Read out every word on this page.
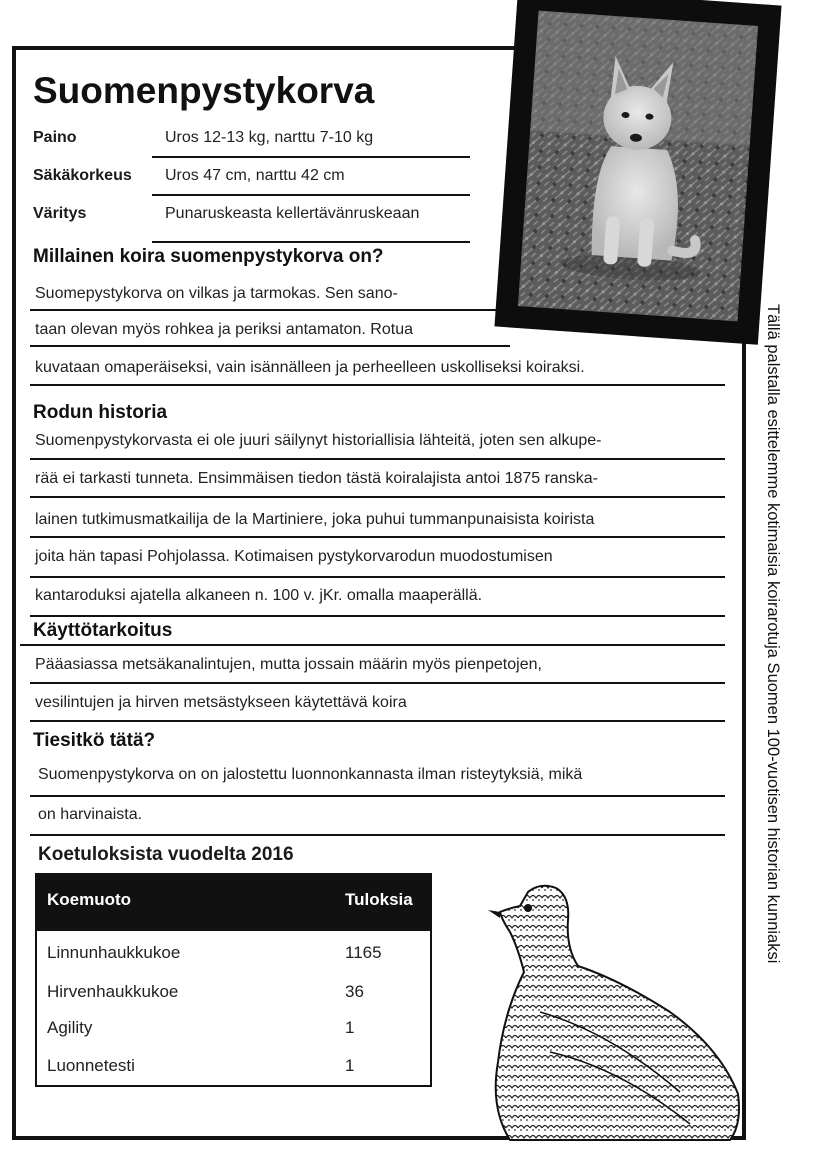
Suomenpystykorva
Paino	Uros 12-13 kg, narttu 7-10 kg
Säkäkorkeus Uros 47 cm, narttu 42 cm
Väritys	Punaruskeasta kellertävänruskeaan
Millainen koira suomenpystykorva on?
Suomepystykorva on vilkas ja tarmokas. Sen sano-
taan olevan myös rohkea ja periksi antamaton. Rotua
kuvataan omaperäiseksi, vain isännälleen ja perheelleen uskolliseksi koiraksi.
Rodun historia
Suomenpystykorvasta ei ole juuri säilynyt historiallisia lähteitä, joten sen alkupe-
rää ei tarkasti tunneta. Ensimmäisen tiedon tästä koiralajista antoi 1875 ranska-
lainen tutkimusmatkailija de la Martiniere, joka puhui tummanpunaisista koirista
joita hän tapasi Pohjolassa. Kotimaisen pystykorvarodun muodostumisen
kantaroduksi ajatella alkaneen n. 100 v. jKr. omalla maaperällä.
Käyttötarkoitus
Pääasiassa metsäkanalintujen, mutta jossain määrin myös pienpetojen,
vesilintujen ja hirven metsästykseen käytettävä koira
Tiesitkö tätä?
Suomenpystykorva on on jalostettu luonnonkannasta ilman risteytyksiä, mikä
on harvinaista.
Koetuloksista vuodelta 2016
Koemuoto	Tuloksia
Linnunhaukkukoe	1165
Hirvenhaukkukoe	36
Agility	1
Luonnetesti	1
Tällä palstalla esittelemme kotimaisia koirarotuja Suomen 100-vuotisen historian kunniaksi
